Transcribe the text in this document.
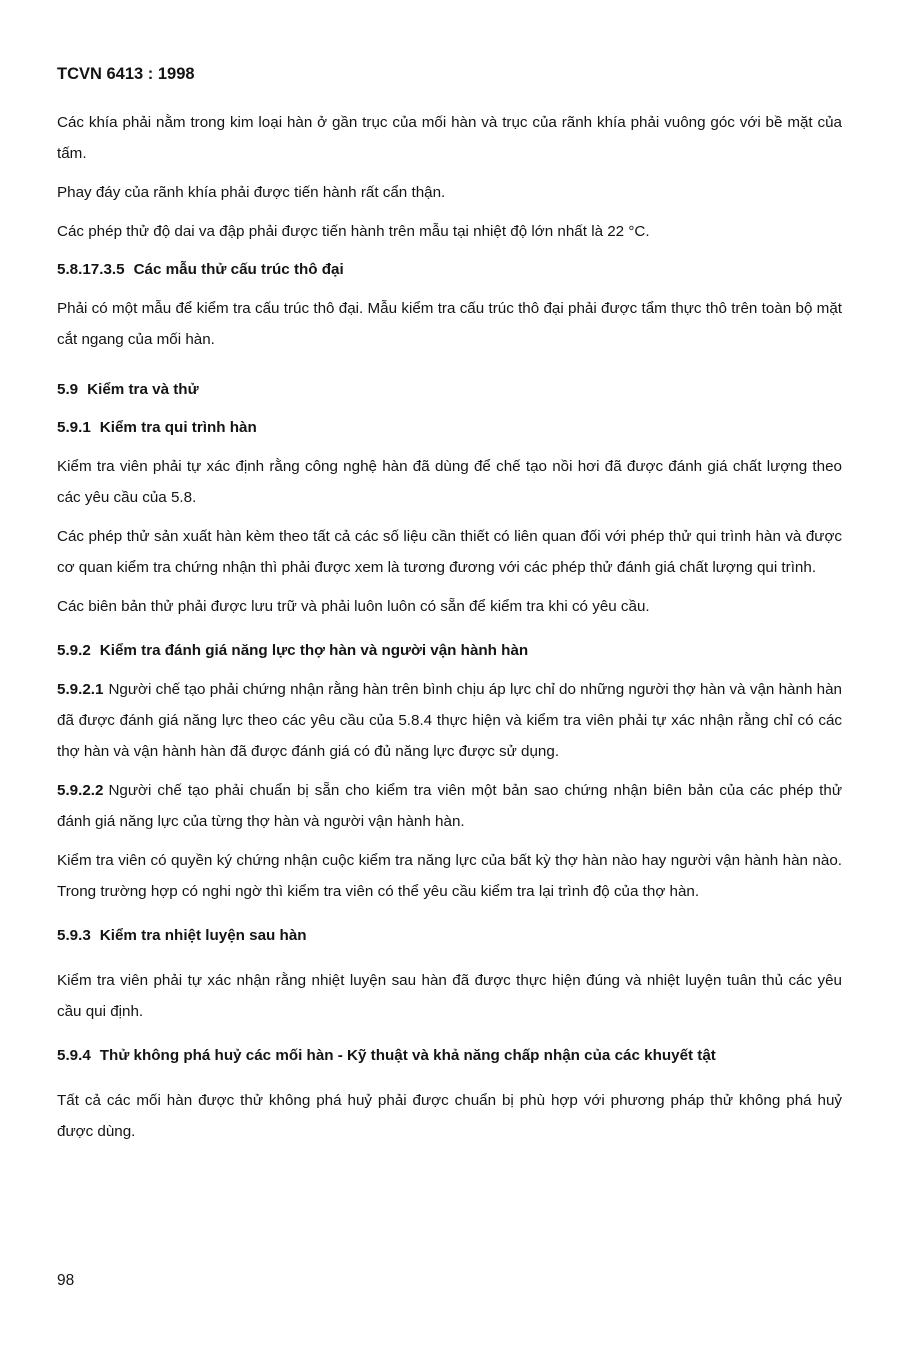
TCVN 6413 : 1998

Các khía phải nằm trong kim loại hàn ở gần trục của mối hàn và trục của rãnh khía phải vuông góc với bề mặt của tấm.

Phay đáy của rãnh khía phải được tiến hành rất cẩn thận.

Các phép thử độ dai va đập phải được tiến hành trên mẫu tại nhiệt độ lớn nhất là 22 °C.

5.8.17.3.5 Các mẫu thử cấu trúc thô đại

Phải có một mẫu để kiểm tra cấu trúc thô đại. Mẫu kiểm tra cấu trúc thô đại phải được tẩm thực thô trên toàn bộ mặt cắt ngang của mối hàn.

5.9 Kiểm tra và thử
5.9.1 Kiểm tra qui trình hàn

Kiểm tra viên phải tự xác định rằng công nghệ hàn đã dùng để chế tạo nồi hơi đã được đánh giá chất lượng theo các yêu cầu của 5.8.

Các phép thử sản xuất hàn kèm theo tất cả các số liệu cần thiết có liên quan đối với phép thử qui trình hàn và được cơ quan kiểm tra chứng nhận thì phải được xem là tương đương với các phép thử đánh giá chất lượng qui trình.

Các biên bản thử phải được lưu trữ và phải luôn luôn có sẵn để kiểm tra khi có yêu cầu.

5.9.2 Kiểm tra đánh giá năng lực thợ hàn và người vận hành hàn

5.9.2.1 Người chế tạo phải chứng nhận rằng hàn trên bình chịu áp lực chỉ do những người thợ hàn và vận hành hàn đã được đánh giá năng lực theo các yêu cầu của 5.8.4 thực hiện và kiểm tra viên phải tự xác nhận rằng chỉ có các thợ hàn và vận hành hàn đã được đánh giá có đủ năng lực được sử dụng.

5.9.2.2 Người chế tạo phải chuẩn bị sẵn cho kiểm tra viên một bản sao chứng nhận biên bản của các phép thử đánh giá năng lực của từng thợ hàn và người vận hành hàn.

Kiểm tra viên có quyền ký chứng nhận cuộc kiểm tra năng lực của bất kỳ thợ hàn nào hay người vận hành hàn nào. Trong trường hợp có nghi ngờ thì kiểm tra viên có thể yêu cầu kiểm tra lại trình độ của thợ hàn.

5.9.3 Kiểm tra nhiệt luyện sau hàn

Kiểm tra viên phải tự xác nhận rằng nhiệt luyện sau hàn đã được thực hiện đúng và nhiệt luyện tuân thủ các yêu cầu qui định.

5.9.4 Thử không phá huỷ các mối hàn - Kỹ thuật và khả năng chấp nhận của các khuyết tật

Tất cả các mối hàn được thử không phá huỷ phải được chuẩn bị phù hợp với phương pháp thử không phá huỷ được dùng.

98
